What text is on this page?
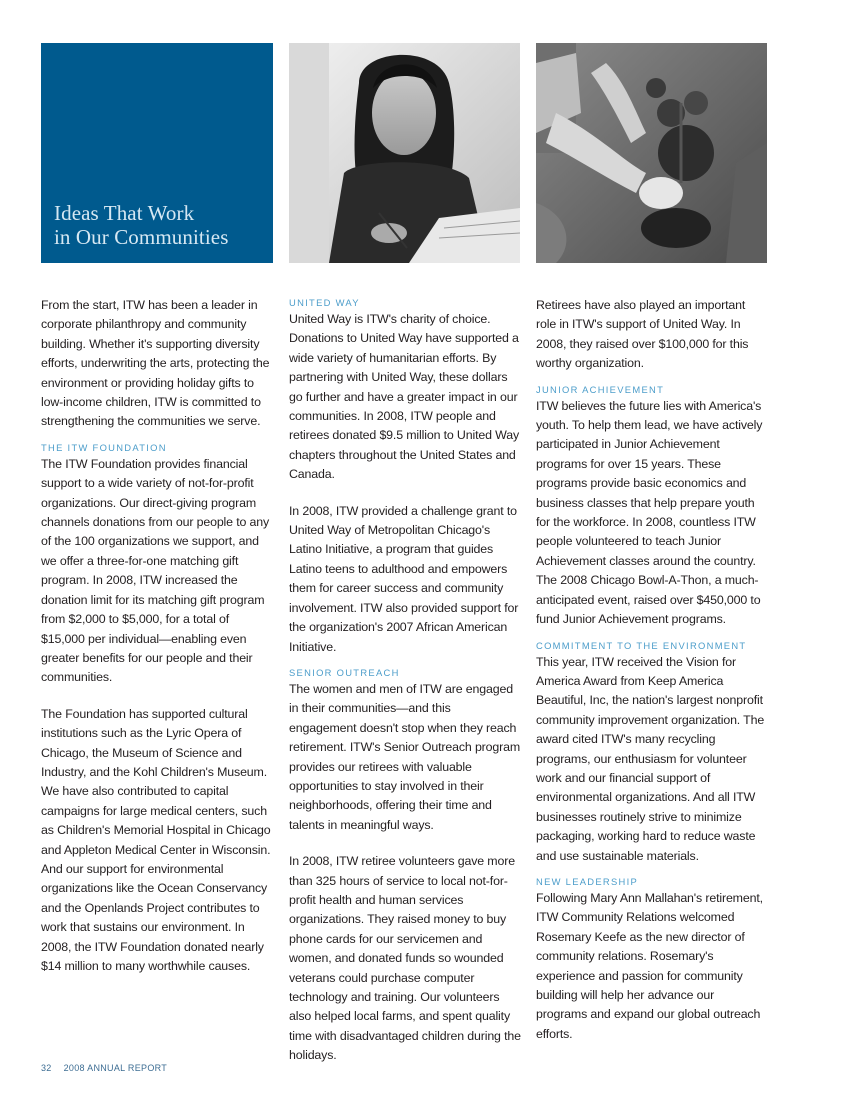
Ideas That Work
in Our Communities

From the start, ITW has been a leader in corporate philanthropy and community building. Whether it's supporting diversity efforts, underwriting the arts, protecting the environment or providing holiday gifts to low-income children, ITW is committed to strengthening the communities we serve.

THE ITW FOUNDATION

The ITW Foundation provides financial support to a wide variety of not-for-profit organizations. Our direct-giving program channels donations from our people to any of the 100 organizations we support, and we offer a three-for-one matching gift program. In 2008, ITW increased the donation limit for its matching gift program from $2,000 to $5,000, for a total of $15,000 per individual—enabling even greater benefits for our people and their communities.

The Foundation has supported cultural institutions such as the Lyric Opera of Chicago, the Museum of Science and Industry, and the Kohl Children's Museum. We have also contributed to capital campaigns for large medical centers, such as Children's Memorial Hospital in Chicago and Appleton Medical Center in Wisconsin. And our support for environmental organizations like the Ocean Conservancy and the Openlands Project contributes to work that sustains our environment. In 2008, the ITW Foundation donated nearly $14 million to many worthwhile causes.

UNITED WAY

United Way is ITW's charity of choice. Donations to United Way have supported a wide variety of humanitarian efforts. By partnering with United Way, these dollars go further and have a greater impact in our communities. In 2008, ITW people and retirees donated $9.5 million to United Way chapters throughout the United States and Canada.

In 2008, ITW provided a challenge grant to United Way of Metropolitan Chicago's Latino Initiative, a program that guides Latino teens to adulthood and empowers them for career success and community involvement. ITW also provided support for the organization's 2007 African American Initiative.

SENIOR OUTREACH

The women and men of ITW are engaged in their communities—and this engagement doesn't stop when they reach retirement. ITW's Senior Outreach program provides our retirees with valuable opportunities to stay involved in their neighborhoods, offering their time and talents in meaningful ways.

In 2008, ITW retiree volunteers gave more than 325 hours of service to local not-for-profit health and human services organizations. They raised money to buy phone cards for our servicemen and women, and donated funds so wounded veterans could purchase computer technology and training. Our volunteers also helped local farms, and spent quality time with disadvantaged children during the holidays.

Retirees have also played an important role in ITW's support of United Way. In 2008, they raised over $100,000 for this worthy organization.

JUNIOR ACHIEVEMENT

ITW believes the future lies with America's youth. To help them lead, we have actively participated in Junior Achievement programs for over 15 years. These programs provide basic economics and business classes that help prepare youth for the workforce. In 2008, countless ITW people volunteered to teach Junior Achievement classes around the country. The 2008 Chicago Bowl-A-Thon, a much-anticipated event, raised over $450,000 to fund Junior Achievement programs.

COMMITMENT TO THE ENVIRONMENT

This year, ITW received the Vision for America Award from Keep America Beautiful, Inc, the nation's largest nonprofit community improvement organization. The award cited ITW's many recycling programs, our enthusiasm for volunteer work and our financial support of environmental organizations. And all ITW businesses routinely strive to minimize packaging, working hard to reduce waste and use sustainable materials.

NEW LEADERSHIP

Following Mary Ann Mallahan's retirement, ITW Community Relations welcomed Rosemary Keefe as the new director of community relations. Rosemary's experience and passion for community building will help her advance our programs and expand our global outreach efforts.

32 2008 ANNUAL REPORT
